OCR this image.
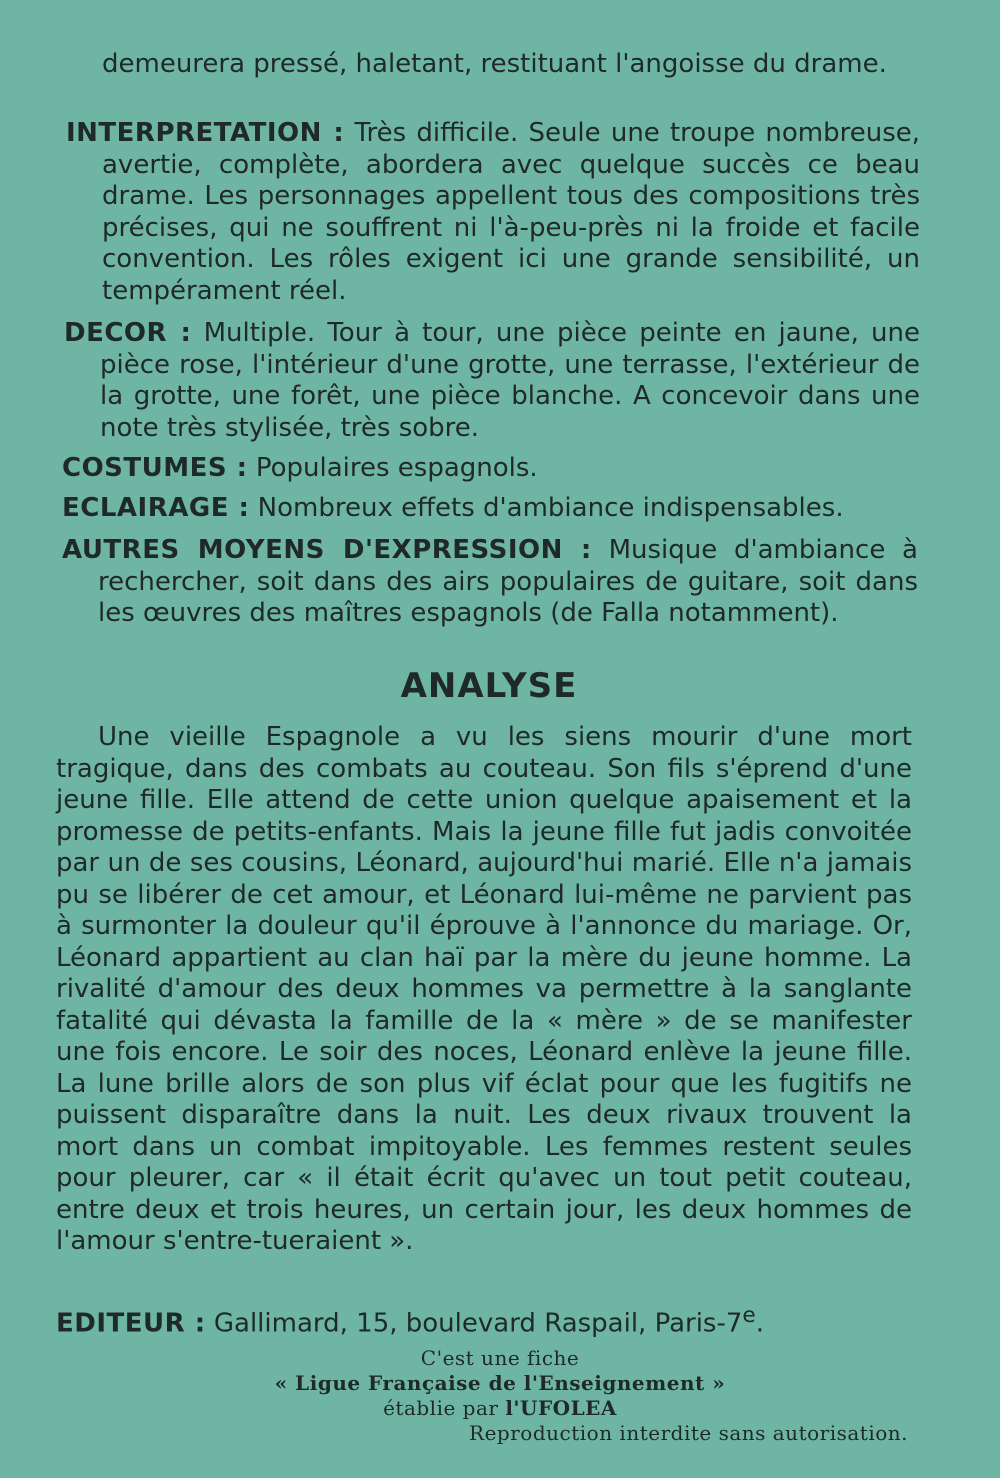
demeurera pressé, haletant, restituant l'angoisse du drame.

INTERPRETATION : Très difficile. Seule une troupe nombreuse, avertie, complète, abordera avec quelque succès ce beau drame. Les personnages appellent tous des compositions très précises, qui ne souffrent ni l'à-peu-près ni la froide et facile convention. Les rôles exigent ici une grande sensibilité, un tempérament réel.

DECOR : Multiple. Tour à tour, une pièce peinte en jaune, une pièce rose, l'intérieur d'une grotte, une terrasse, l'extérieur de la grotte, une forêt, une pièce blanche. A concevoir dans une note très stylisée, très sobre.

COSTUMES : Populaires espagnols.

ECLAIRAGE : Nombreux effets d'ambiance indispensables.

AUTRES MOYENS D'EXPRESSION : Musique d'ambiance à rechercher, soit dans des airs populaires de guitare, soit dans les œuvres des maîtres espagnols (de Falla notamment).

ANALYSE

Une vieille Espagnole a vu les siens mourir d'une mort tragique, dans des combats au couteau. Son fils s'éprend d'une jeune fille. Elle attend de cette union quelque apaisement et la promesse de petits-enfants. Mais la jeune fille fut jadis convoitée par un de ses cousins, Léonard, aujourd'hui marié. Elle n'a jamais pu se libérer de cet amour, et Léonard lui-même ne parvient pas à surmonter la douleur qu'il éprouve à l'annonce du mariage. Or, Léonard appartient au clan haï par la mère du jeune homme. La rivalité d'amour des deux hommes va permettre à la sanglante fatalité qui dévasta la famille de la « mère » de se manifester une fois encore. Le soir des noces, Léonard enlève la jeune fille. La lune brille alors de son plus vif éclat pour que les fugitifs ne puissent disparaître dans la nuit. Les deux rivaux trouvent la mort dans un combat impitoyable. Les femmes restent seules pour pleurer, car « il était écrit qu'avec un tout petit couteau, entre deux et trois heures, un certain jour, les deux hommes de l'amour s'entre-tueraient ».

EDITEUR : Gallimard, 15, boulevard Raspail, Paris-7e.

C'est une fiche
« Ligue Française de l'Enseignement »
établie par l'UFOLEA
Reproduction interdite sans autorisation.
